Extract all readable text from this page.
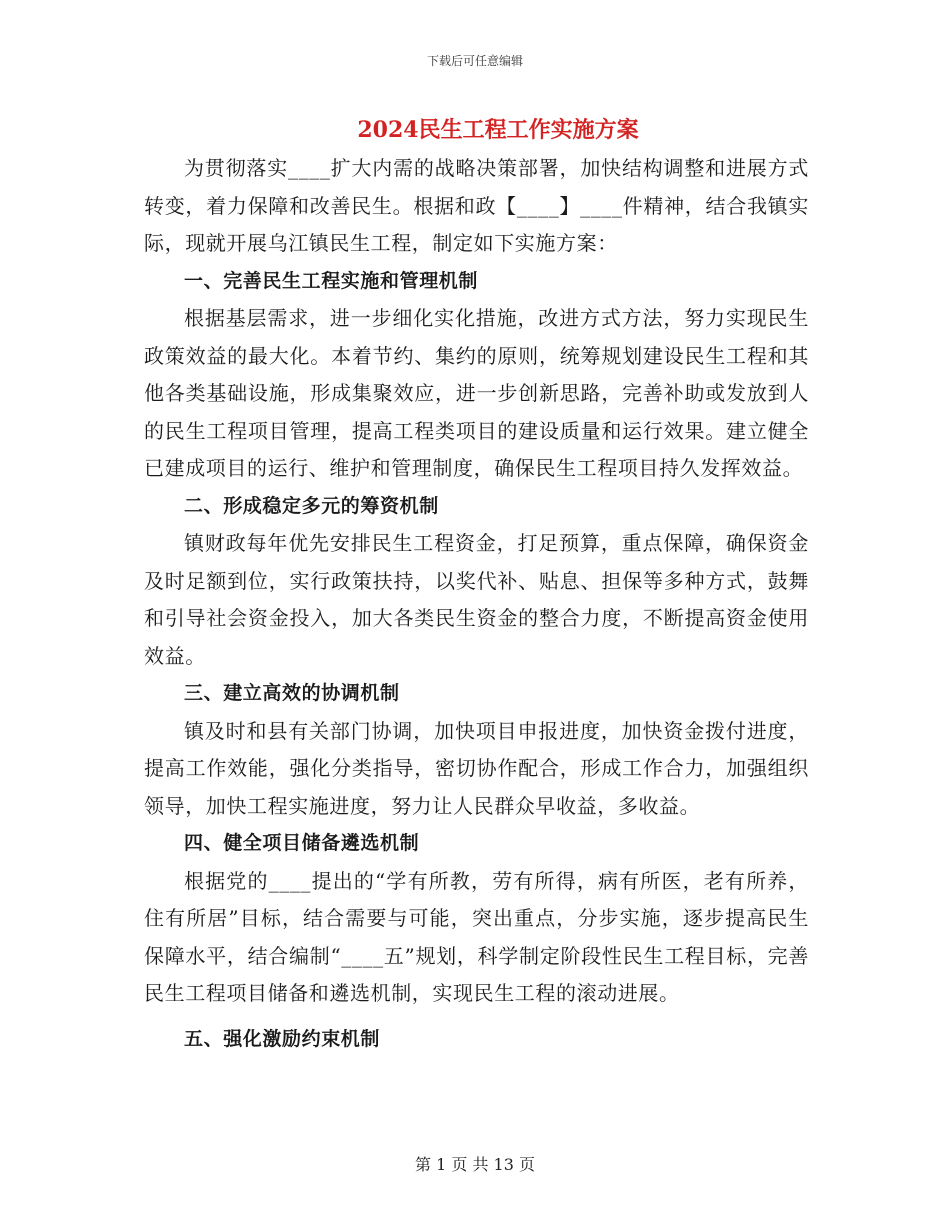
下载后可任意编辑
2024民生工程工作实施方案

为贯彻落实____扩大内需的战略决策部署，加快结构调整和进展方式转变，着力保障和改善民生。根据和政【____】____件精神，结合我镇实际，现就开展乌江镇民生工程，制定如下实施方案：

一、完善民生工程实施和管理机制

根据基层需求，进一步细化实化措施，改进方式方法，努力实现民生政策效益的最大化。本着节约、集约的原则，统筹规划建设民生工程和其他各类基础设施，形成集聚效应，进一步创新思路，完善补助或发放到人的民生工程项目管理，提高工程类项目的建设质量和运行效果。建立健全已建成项目的运行、维护和管理制度，确保民生工程项目持久发挥效益。

二、形成稳定多元的筹资机制

镇财政每年优先安排民生工程资金，打足预算，重点保障，确保资金及时足额到位，实行政策扶持，以奖代补、贴息、担保等多种方式，鼓舞和引导社会资金投入，加大各类民生资金的整合力度，不断提高资金使用效益。

三、建立高效的协调机制

镇及时和县有关部门协调，加快项目申报进度，加快资金拨付进度，提高工作效能，强化分类指导，密切协作配合，形成工作合力，加强组织领导，加快工程实施进度，努力让人民群众早收益，多收益。

四、健全项目储备遴选机制

根据党的____提出的“学有所教，劳有所得，病有所医，老有所养，住有所居”目标，结合需要与可能，突出重点，分步实施，逐步提高民生保障水平，结合编制“____五”规划，科学制定阶段性民生工程目标，完善民生工程项目储备和遴选机制，实现民生工程的滚动进展。

五、强化激励约束机制

第 1 页 共 13 页
